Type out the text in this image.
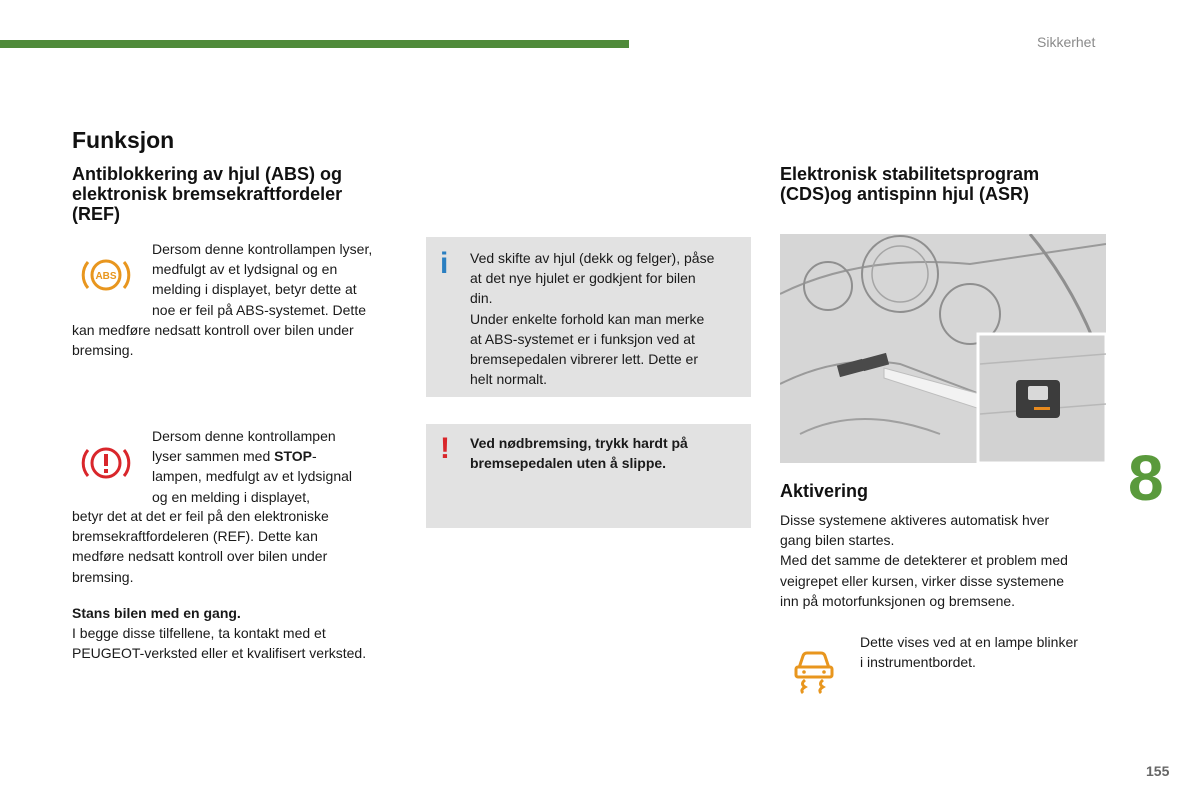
Sikkerhet
Funksjon
Antiblokkering av hjul (ABS) og
elektronisk bremsekraftfordeler
(REF)
ABS
Dersom denne kontrollampen lyser,
medfulgt av et lydsignal og en
melding i displayet, betyr dette at
noe er feil på ABS-systemet. Dette
kan medføre nedsatt kontroll over bilen under
bremsing.
Dersom denne kontrollampen
lyser sammen med STOP-
lampen, medfulgt av et lydsignal
og en melding i displayet,
betyr det at det er feil på den elektroniske
bremsekraftfordeleren (REF). Dette kan
medføre nedsatt kontroll over bilen under
bremsing.
Stans bilen med en gang.
I begge disse tilfellene, ta kontakt med et
PEUGEOT-verksted eller et kvalifisert verksted.
i Ved skifte av hjul (dekk og felger), påse
at det nye hjulet er godkjent for bilen
din.
Under enkelte forhold kan man merke
at ABS-systemet er i funksjon ved at
bremsepedalen vibrerer lett. Dette er
helt normalt.
! Ved nødbremsing, trykk hardt på
bremsepedalen uten å slippe.
Elektronisk stabilitetsprogram
(CDS)og antispinn hjul (ASR)
Aktivering
Disse systemene aktiveres automatisk hver
gang bilen startes.
Med det samme de detekterer et problem med
veigrepet eller kursen, virker disse systemene
inn på motorfunksjonen og bremsene.
Dette vises ved at en lampe blinker
i instrumentbordet.
8
155
